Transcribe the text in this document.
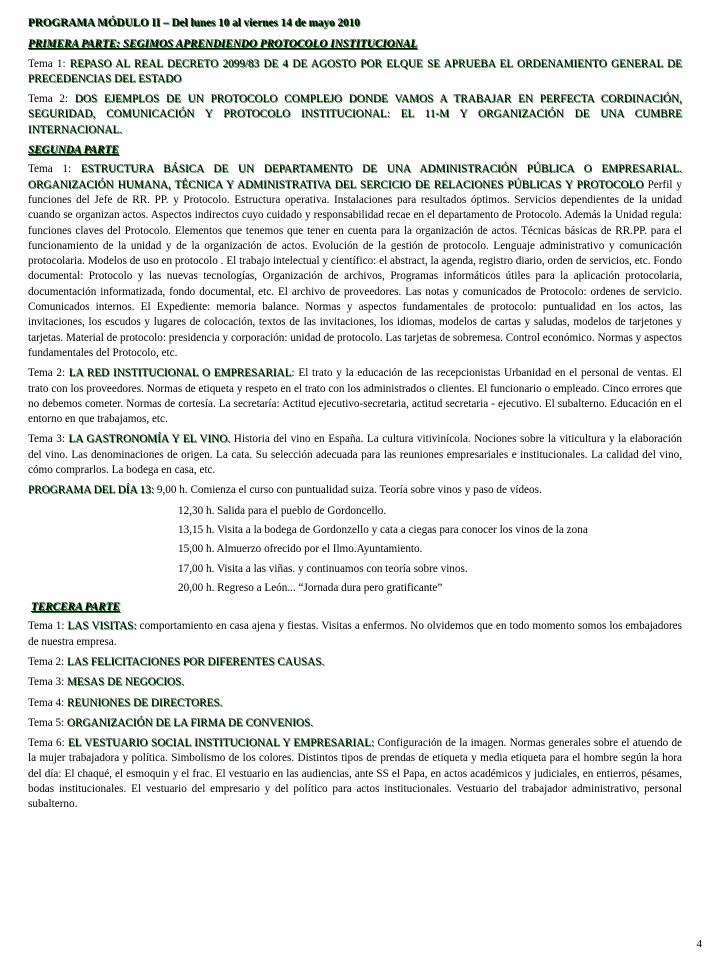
PROGRAMA MÓDULO II – Del lunes 10 al viernes 14 de mayo 2010

PRIMERA PARTE: SEGIMOS APRENDIENDO PROTOCOLO INSTITUCIONAL

Tema 1: REPASO AL REAL DECRETO 2099/83 DE 4 DE AGOSTO POR ELQUE SE APRUEBA EL ORDENAMIENTO GENERAL DE PRECEDENCIAS DEL ESTADO

Tema 2: DOS EJEMPLOS DE UN PROTOCOLO COMPLEJO DONDE VAMOS A TRABAJAR EN PERFECTA CORDINACIÓN, SEGURIDAD, COMUNICACIÓN Y PROTOCOLO INSTITUCIONAL: EL 11-M Y ORGANIZACIÓN DE UNA CUMBRE INTERNACIONAL.

SEGUNDA PARTE

Tema 1: ESTRUCTURA BÁSICA DE UN DEPARTAMENTO DE UNA ADMINISTRACIÓN PÚBLICA O EMPRESARIAL. ORGANIZACIÓN HUMANA, TÉCNICA Y ADMINISTRATIVA DEL SERCICIO DE RELACIONES PÚBLICAS Y PROTOCOLO Perfil y funciones del Jefe de RR. PP. y Protocolo. Estructura operativa. Instalaciones para resultados óptimos. Servicios dependientes de la unidad cuando se organizan actos. Aspectos indirectos cuyo cuidado y responsabilidad recae en el departamento de Protocolo. Además la Unidad regula: funciones claves del Protocolo. Elementos que tenemos que tener en cuenta para la organización de actos. Técnicas básicas de RR.PP. para el funcionamiento de la unidad y de la organización de actos. Evolución de la gestión de protocolo. Lenguaje administrativo y comunicación protocolaria. Modelos de uso en protocolo . El trabajo intelectual y científico: el abstract, la agenda, registro diario, orden de servicios, etc. Fondo documental: Protocolo y las nuevas tecnologías, Organización de archivos, Programas informáticos útiles para la aplicación protocolaria, documentación informatizada, fondo documental, etc. El archivo de proveedores. Las notas y comunicados de Protocolo: ordenes de servicio. Comunicados internos. El Expediente: memoria balance. Normas y aspectos fundamentales de protocolo: puntualidad en los actos, las invitaciones, los escudos y lugares de colocación, textos de las invitaciones, los idiomas, modelos de cartas y saludas, modelos de tarjetones y tarjetas. Material de protocolo: presidencia y corporación: unidad de protocolo. Las tarjetas de sobremesa. Control económico. Normas y aspectos fundamentales del Protocolo, etc.

Tema 2: LA RED INSTITUCIONAL O EMPRESARIAL: El trato y la educación de las recepcionistas Urbanidad en el personal de ventas. El trato con los proveedores. Normas de etiqueta y respeto en el trato con los administrados o clientes. El funcionario o empleado. Cinco errores que no debemos cometer. Normas de cortesía. La secretaría: Actitud ejecutivo-secretaria, actitud secretaria - ejecutivo. El subalterno. Educación en el entorno en que trabajamos, etc.

Tema 3: LA GASTRONOMÍA Y EL VINO. Historia del vino en España. La cultura vitivinícola. Nociones sobre la viticultura y la elaboración del vino. Las denominaciones de origen. La cata. Su selección adecuada para las reuniones empresariales e institucionales. La calidad del vino, cómo comprarlos. La bodega en casa, etc.

PROGRAMA DEL DÍA 13: 9,00 h. Comienza el curso con puntualidad suiza. Teoría sobre vinos y paso de vídeos.

12,30 h. Salida para el pueblo de Gordoncello.

13,15 h. Visita a la bodega de Gordonzello y cata a ciegas para conocer los vinos de la zona

15,00 h. Almuerzo ofrecido por el Ilmo.Ayuntamiento.

17,00 h. Visita a las viñas. y continuamos con teoría sobre vinos.

20,00 h. Regreso a León... “Jornada dura pero gratificante”

TERCERA PARTE

Tema 1: LAS VISITAS: comportamiento en casa ajena y fiestas. Visitas a enfermos. No olvidemos que en todo momento somos los embajadores de nuestra empresa.

Tema 2: LAS FELICITACIONES POR DIFERENTES CAUSAS.

Tema 3: MESAS DE NEGOCIOS.

Tema 4: REUNIONES DE DIRECTORES.

Tema 5: ORGANIZACIÓN DE LA FIRMA DE CONVENIOS.

Tema 6: EL VESTUARIO SOCIAL INSTITUCIONAL Y EMPRESARIAL: Configuración de la imagen. Normas generales sobre el atuendo de la mujer trabajadora y política. Simbolismo de los colores. Distintos tipos de prendas de etiqueta y media etiqueta para el hombre según la hora del día: El chaqué, el esmoquin y el frac. El vestuario en las audiencias, ante SS el Papa, en actos académicos y judiciales, en entierros, pésames, bodas institucionales. El vestuario del empresario y del político para actos institucionales. Vestuario del trabajador administrativo, personal subalterno.

4
